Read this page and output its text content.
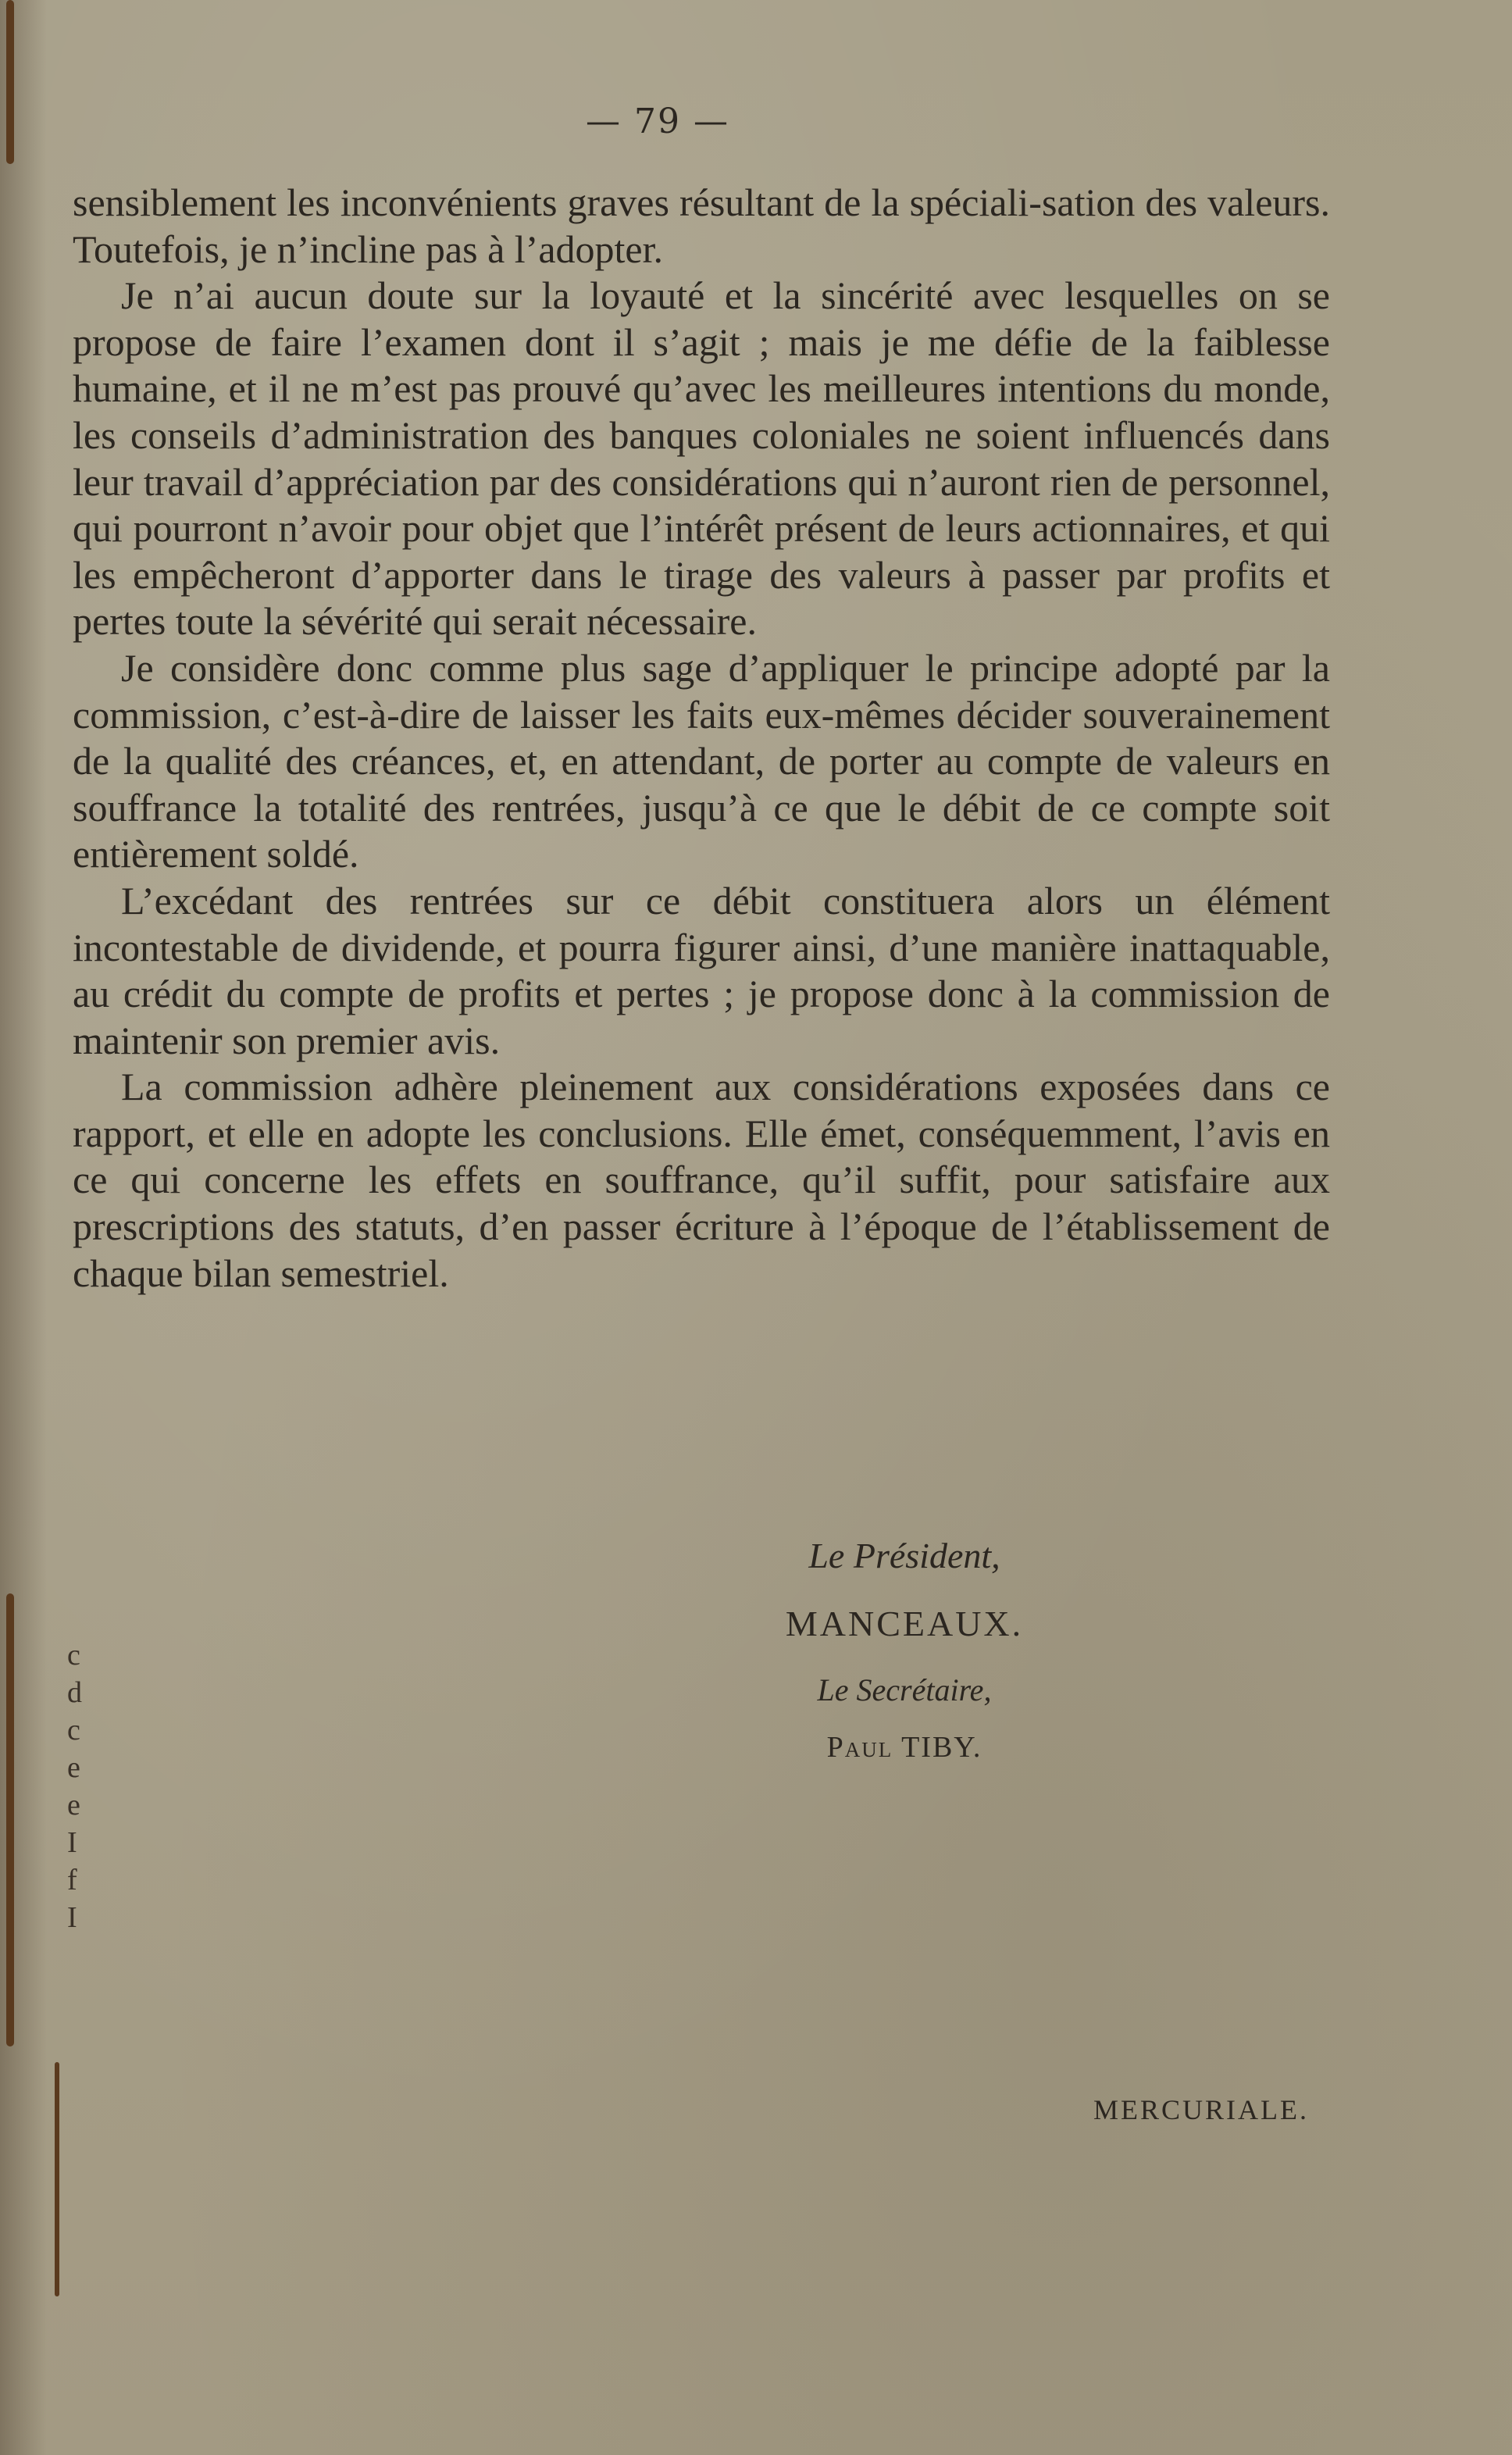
— 79 —

sensiblement les inconvénients graves résultant de la spéciali-sation des valeurs. Toutefois, je n’incline pas à l’adopter.

Je n’ai aucun doute sur la loyauté et la sincérité avec lesquelles on se propose de faire l’examen dont il s’agit ; mais je me défie de la faiblesse humaine, et il ne m’est pas prouvé qu’avec les meilleures intentions du monde, les conseils d’administration des banques coloniales ne soient influencés dans leur travail d’appréciation par des considérations qui n’auront rien de personnel, qui pourront n’avoir pour objet que l’intérêt présent de leurs actionnaires, et qui les empêcheront d’apporter dans le tirage des valeurs à passer par profits et pertes toute la sévérité qui serait nécessaire.

Je considère donc comme plus sage d’appliquer le principe adopté par la commission, c’est-à-dire de laisser les faits eux-mêmes décider souverainement de la qualité des créances, et, en attendant, de porter au compte de valeurs en souffrance la totalité des rentrées, jusqu’à ce que le débit de ce compte soit entièrement soldé.

L’excédant des rentrées sur ce débit constituera alors un élément incontestable de dividende, et pourra figurer ainsi, d’une manière inattaquable, au crédit du compte de profits et pertes ; je propose donc à la commission de maintenir son premier avis.

La commission adhère pleinement aux considérations exposées dans ce rapport, et elle en adopte les conclusions. Elle émet, conséquemment, l’avis en ce qui concerne les effets en souffrance, qu’il suffit, pour satisfaire aux prescriptions des statuts, d’en passer écriture à l’époque de l’établissement de chaque bilan semestriel.

Le Président,
MANCEAUX.
Le Secrétaire,
Paul TIBY.
c
d
c
e
e
I
f
I
MERCURIALE.
